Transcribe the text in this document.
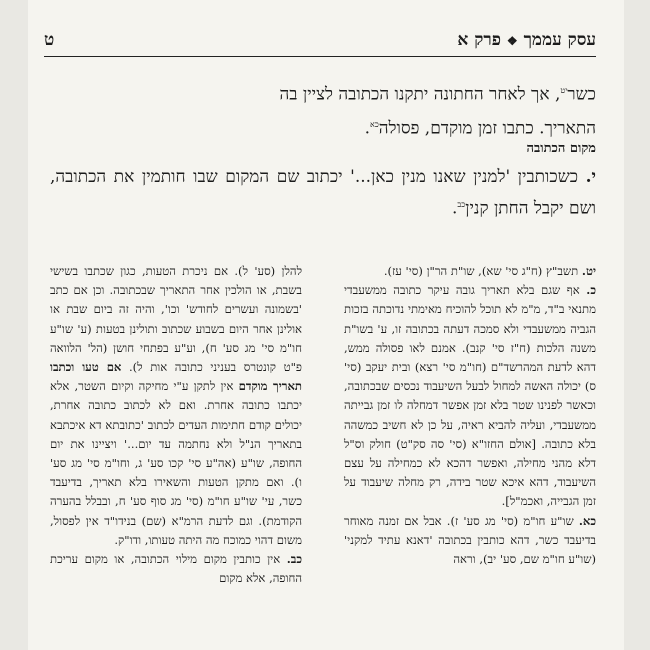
עסק עממך ❖ פרק א
ט
כשר$^{יט}$, אך לאחר החתונה יתקנו הכתובה לציין בה
התאריך. כתבו זמן מוקדם, פסולה$^{כא}$.
מקום הכתובה
י. כשכותבין 'למנין שאנו מנין כאן...' יכתוב שם המקום שבו חותמין את הכתובה, ושם יקבל החתן קנין$^{כב}$.

יט. תשב"ץ (ח"ג סי' שא), שו"ת הר"ן (סי' עז).

כ. אף שגם בלא תאריך גובה עיקר כתובה ממשעבדי מתנאי ב"ד, מ"מ לא תוכל להוכיח מאימתי נדוכתה בזכות הגביה ממשעבדי ולא סמכה דעתה בכתובה זו, ע' בשו"ת משנה הלכות (ח"ז סי' קנב). אמנם לאו פסולה ממש, דהא לדעת המהרשד"ם (חו"מ סי' רצא) ובית יעקב (סי' ס) יכולה האשה למחול לבעל השיעבוד נכסים שבכתובה, וכאשר לפנינו שטר בלא זמן אפשר דמחלה לו זמן גבייתה ממשעבדי, ועליה להביא ראיה, על כן לא חשיב כמשהה בלא כתובה. [אולם החזו"א (סי' סה סק"ט) חולק וס"ל דלא מהני מחילה, ואפשר דהכא לא כמחילה על עצם השיעבוד, דהא איכא שטר בידה, רק מחלה שיעבוד על זמן הגבייה, ואכמ"ל].

כא. שו"ע חו"מ (סי' מג סע' ז). אבל אם זמנה מאוחר בדיעבד כשר, דהא כותבין בכתובה 'דאנא עתיד למקני' (שו"ע חו"מ שם, סע' יב), וראה

להלן (סע' ל). אם ניכרת הטעות, כגון שכתבו בשישי בשבת, או הולכין אחר התאריך שבכתובה. וכן אם כתב 'בשמונה ועשרים לחודש' וכו', והיה זה ביום שבת או אולינן אחר היום בשבוע שכתוב ותולינן בטעות (ע' שו"ע חו"מ סי' מג סע' ח), וע"ע בפתחי חושן (הל' הלוואה פ"ט קונטרס בעניני כתובה אות ל). אם טעו וכתבו תאריך מוקדם אין לתקן ע"י מחיקה וקיום השטר, אלא יכתבו כתובה אחרת. ואם לא לכתוב כתובה אחרת, יכולים קודם חתימות העדים לכתוב 'כתובתא דא איכתבא בתאריך הנ"ל ולא נחתמה עד יום...' ויציינו את יום החופה, שו"ע (אה"ע סי' קכו סע' ג, וחו"מ סי' מג סע' ו). ואם מתקן הטעות והשאירו בלא תאריך, בדיעבד כשר, עי' שו"ע חו"מ (סי' מג סוף סע' ח, ובבלל בהערה הקודמת). וגם לדעת הרמ"א (שם) בנידו"ד אין לפסול, משום דהוי כמוכח מה היתה טעותו, ודו"ק.

כב. אין כותבין מקום מילוי הכתובה, או מקום עריכת החופה, אלא מקום
